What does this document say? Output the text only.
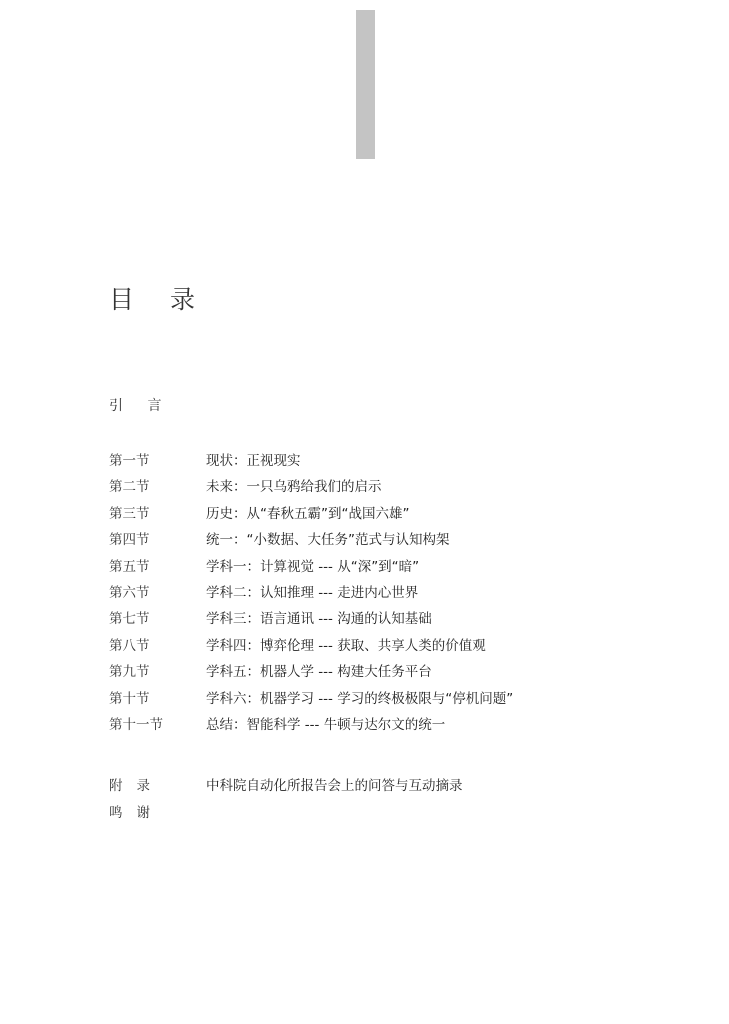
目 录
引 言
第一节	现状：正视现实
第二节	未来：一只乌鸦给我们的启示
第三节	历史：从“春秋五霸”到“战国六雄”
第四节	统一：“小数据、大任务”范式与认知构架
第五节	学科一：计算视觉 --- 从“深”到“暗”
第六节	学科二：认知推理 --- 走进内心世界
第七节	学科三：语言通讯 --- 沟通的认知基础
第八节	学科四：博弈伦理 --- 获取、共享人类的价值观
第九节	学科五：机器人学 --- 构建大任务平台
第十节	学科六：机器学习 --- 学习的终极极限与“停机问题”
第十一节	总结：智能科学 --- 牛顿与达尔文的统一
附录	中科院自动化所报告会上的问答与互动摘录
鸣谢
